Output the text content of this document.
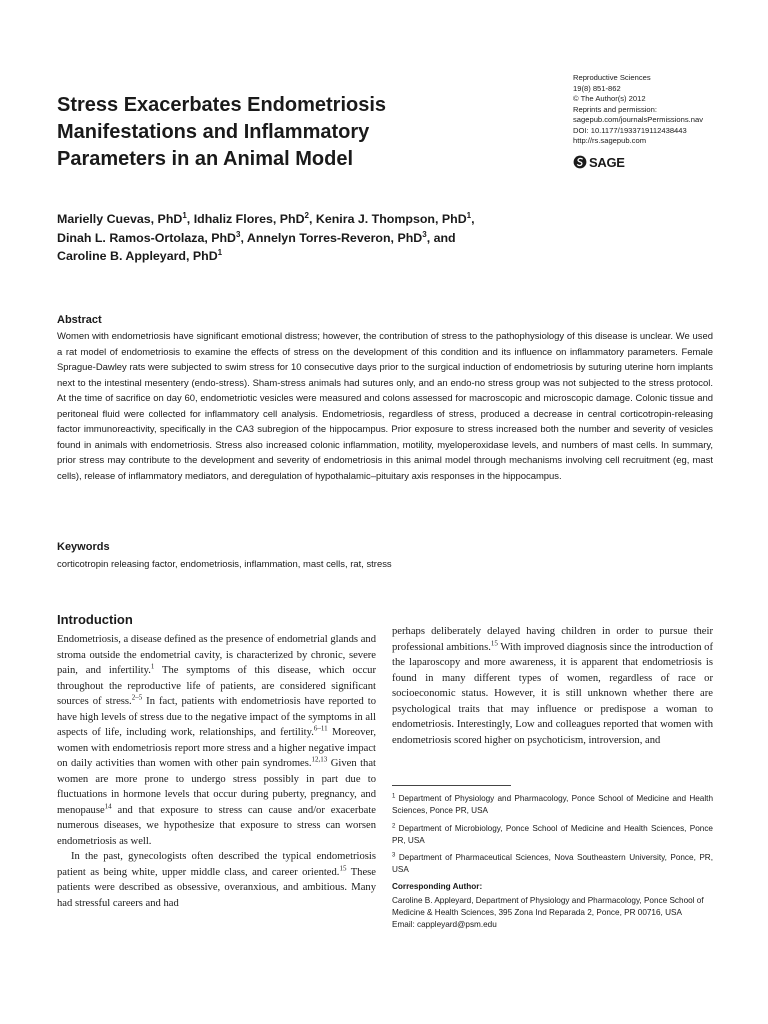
Stress Exacerbates Endometriosis Manifestations and Inflammatory Parameters in an Animal Model
Reproductive Sciences
19(8) 851-862
© The Author(s) 2012
Reprints and permission:
sagepub.com/journalsPermissions.nav
DOI: 10.1177/1933719112438443
http://rs.sagepub.com
SAGE
Marielly Cuevas, PhD$^1$, Idhaliz Flores, PhD$^2$, Kenira J. Thompson, PhD$^1$,
Dinah L. Ramos-Ortolaza, PhD$^3$, Annelyn Torres-Reveron, PhD$^3$, and
Caroline B. Appleyard, PhD$^1$
Abstract

Women with endometriosis have significant emotional distress; however, the contribution of stress to the pathophysiology of this disease is unclear. We used a rat model of endometriosis to examine the effects of stress on the development of this condition and its influence on inflammatory parameters. Female Sprague-Dawley rats were subjected to swim stress for 10 consecutive days prior to the surgical induction of endometriosis by suturing uterine horn implants next to the intestinal mesentery (endo-stress). Sham-stress animals had sutures only, and an endo-no stress group was not subjected to the stress protocol. At the time of sacrifice on day 60, endometriotic vesicles were measured and colons assessed for macroscopic and microscopic damage. Colonic tissue and peritoneal fluid were collected for inflammatory cell analysis. Endometriosis, regardless of stress, produced a decrease in central corticotropin-releasing factor immunoreactivity, specifically in the CA3 subregion of the hippocampus. Prior exposure to stress increased both the number and severity of vesicles found in animals with endometriosis. Stress also increased colonic inflammation, motility, myeloperoxidase levels, and numbers of mast cells. In summary, prior stress may contribute to the development and severity of endometriosis in this animal model through mechanisms involving cell recruitment (eg, mast cells), release of inflammatory mediators, and deregulation of hypothalamic–pituitary axis responses in the hippocampus.

Keywords
corticotropin releasing factor, endometriosis, inflammation, mast cells, rat, stress
Introduction

Endometriosis, a disease defined as the presence of endometrial glands and stroma outside the endometrial cavity, is characterized by chronic, severe pain, and infertility.$^1$ The symptoms of this disease, which occur throughout the reproductive life of patients, are considered significant sources of stress.$^{2-5}$ In fact, patients with endometriosis have reported to have high levels of stress due to the negative impact of the symptoms in all aspects of life, including work, relationships, and fertility.$^{6-11}$ Moreover, women with endometriosis report more stress and a higher negative impact on daily activities than women with other pain syndromes.$^{12,13}$ Given that women are more prone to undergo stress possibly in part due to fluctuations in hormone levels that occur during puberty, pregnancy, and menopause$^{14}$ and that exposure to stress can cause and/or exacerbate numerous diseases, we hypothesize that exposure to stress can worsen endometriosis as well.

In the past, gynecologists often described the typical endometriosis patient as being white, upper middle class, and career oriented.$^{15}$ These patients were described as obsessive, overanxious, and ambitious. Many had stressful careers and had

perhaps deliberately delayed having children in order to pursue their professional ambitions.$^{15}$ With improved diagnosis since the introduction of the laparoscopy and more awareness, it is apparent that endometriosis is found in many different types of women, regardless of race or socioeconomic status. However, it is still unknown whether there are psychological traits that may influence or predispose a woman to endometriosis. Interestingly, Low and colleagues reported that women with endometriosis scored higher on psychoticism, introversion, and

$^1$ Department of Physiology and Pharmacology, Ponce School of Medicine and Health Sciences, Ponce PR, USA
$^2$ Department of Microbiology, Ponce School of Medicine and Health Sciences, Ponce PR, USA
$^3$ Department of Pharmaceutical Sciences, Nova Southeastern University, Ponce, PR, USA
Corresponding Author:
Caroline B. Appleyard, Department of Physiology and Pharmacology, Ponce School of Medicine & Health Sciences, 395 Zona Ind Reparada 2, Ponce, PR 00716, USA
Email: cappleyard@psm.edu
